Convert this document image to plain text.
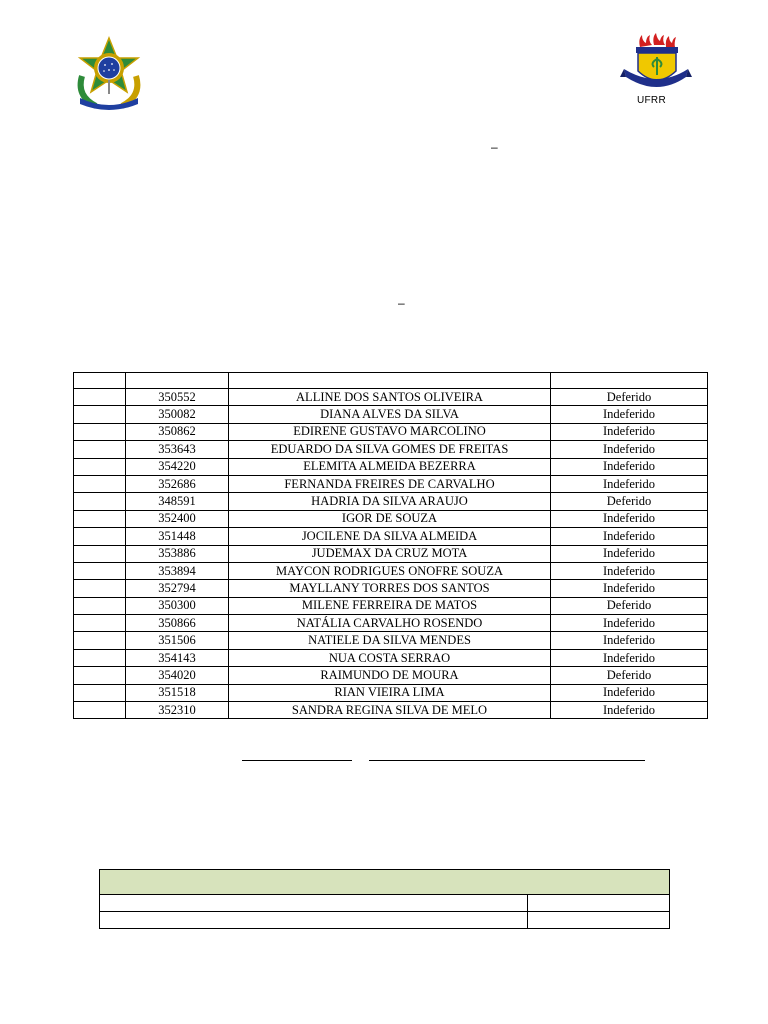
UFRR
–
–

	350552	ALLINE DOS SANTOS OLIVEIRA	Deferido
	350082	DIANA ALVES DA SILVA	Indeferido
	350862	EDIRENE GUSTAVO MARCOLINO	Indeferido
	353643	EDUARDO DA SILVA GOMES DE FREITAS	Indeferido
	354220	ELEMITA ALMEIDA BEZERRA	Indeferido
	352686	FERNANDA FREIRES DE CARVALHO	Indeferido
	348591	HADRIA DA SILVA ARAUJO	Deferido
	352400	IGOR DE SOUZA	Indeferido
	351448	JOCILENE DA SILVA ALMEIDA	Indeferido
	353886	JUDEMAX DA CRUZ MOTA	Indeferido
	353894	MAYCON RODRIGUES ONOFRE SOUZA	Indeferido
	352794	MAYLLANY TORRES DOS SANTOS	Indeferido
	350300	MILENE FERREIRA DE MATOS	Deferido
	350866	NATÁLIA CARVALHO ROSENDO	Indeferido
	351506	NATIELE DA SILVA MENDES	Indeferido
	354143	NUA COSTA SERRAO	Indeferido
	354020	RAIMUNDO DE MOURA	Deferido
	351518	RIAN VIEIRA LIMA	Indeferido
	352310	SANDRA REGINA SILVA DE MELO	Indeferido
